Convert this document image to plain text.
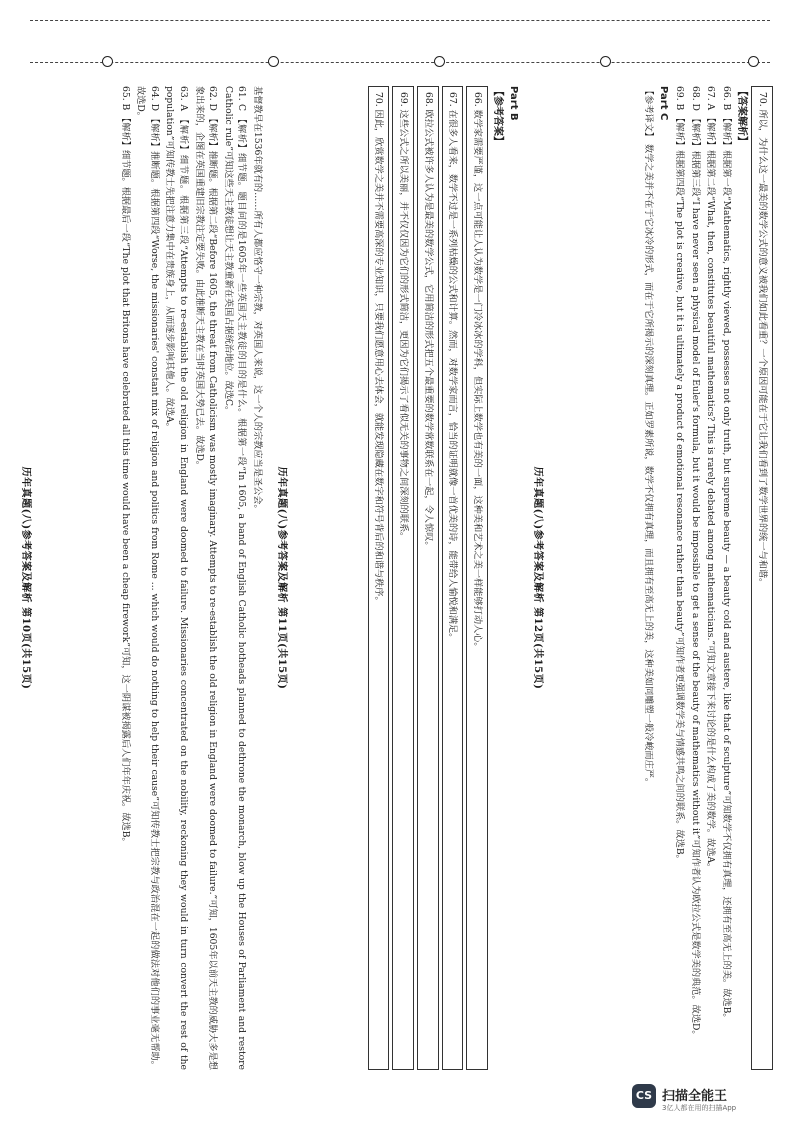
基督教早在1536年就有的……所有人都应恪守一种宗教，对英国人来说，这一个人的宗教应当是圣公会。

61. C 【解析】细节题。题目问的是1605年一些英国天主教徒的目的是什么。根据第一段“In 1605, a band of English Catholic hotheads planned to dethrone the monarch, blow up the Houses of Parliament and restore Catholic rule”可知这些天主教徒想让天主教重新在英国占据统治地位。故选C。

62. D 【解析】推断题。根据第二段“Before 1605, the threat from Catholicism was mostly imaginary. Attempts to re-establish the old religion in England were doomed to failure.”可知，1605年以前天主教的威胁大多是想象出来的，企图在英国重建旧宗教注定要失败。由此推断天主教在当时英国大势已去。故选D。

63. A 【解析】细节题。根据第三段“Attempts to re-establish the old religion in England were doomed to failure. Missionaries concentrated on the nobility, reckoning they would in turn convert the rest of the population”可知传教士先把注意力集中在贵族身上，从而逐步影响其他人。故选A。

64. D 【解析】推断题。根据第四段“Worse, the missionaries' constant mix of religion and politics from Rome ... which would do nothing to help their cause”可知传教士把宗教与政治混在一起的做法对他们的事业毫无帮助。故选D。

65. B 【解析】细节题。根据最后一段“The plot that Britons have celebrated all this time would have been a cheap firework”可知，这一阴谋被揭露后人们年年庆祝。故选B。

历年真题(八)参考答案及解析 第10页(共15页)

Part B

【参考答案】

66. 数学家需要严谨，这一点可能让人认为数学是一门冷冰冰的学科，但实际上数学也有美的一面，这种美和艺术之美一样能够打动人心。
67. 在很多人看来，数学不过是一系列枯燥的公式和计算。然而，对数学家而言，恰当的证明就像一首优美的诗，能带给人愉悦和满足。
68. 欧拉公式被许多人认为是最美的数学公式，它用简洁的形式把五个最重要的数学常数联系在一起，令人惊叹。
69. 这些公式之所以美丽，并不仅仅因为它们的形式简洁，更因为它们揭示了看似无关的事物之间深刻的联系。
70. 因此，欣赏数学之美并不需要高深的专业知识，只要我们愿意用心去体会，就能发现隐藏在数字和符号背后的和谐与秩序。
历年真题(八)参考答案及解析 第11页(共15页)	70. 所以，为什么这一最美的数学公式的意义被我们如此看重？一个原因可能在于它让我们看到了数学世界的统一与和谐。

【答案解析】

66. B 【解析】根据第一段“Mathematics, rightly viewed, possesses not only truth, but supreme beauty — a beauty cold and austere, like that of sculpture”可知数学不仅拥有真理，还拥有至高无上的美。故选B。

67. A 【解析】根据第二段“What, then, constitutes beautiful mathematics? This is rarely debated among mathematicians.”可知文章接下来讨论的是什么构成了美的数学。故选A。

68. D 【解析】根据第三段“I have never seen a physical model of Euler's formula, but it would be impossible to get a sense of the beauty of mathematics without it”可知作者认为欧拉公式是数学美的典范。故选D。

69. B 【解析】根据第四段“The plot is creative, but it is ultimately a product of emotional resonance rather than beauty”可知作者更强调数学美与情感共鸣之间的联系。故选B。

Part C

【参考译文】 数学之美并不在于它冰冷的形式，而在于它所揭示的深刻真理。正如罗素所说，数学不仅拥有真理，而且拥有至高无上的美，这种美如同雕塑一般冷峻而庄严。

历年真题(八)参考答案及解析 第12页(共15页)
CS 扫描全能王
3亿人都在用的扫描App
